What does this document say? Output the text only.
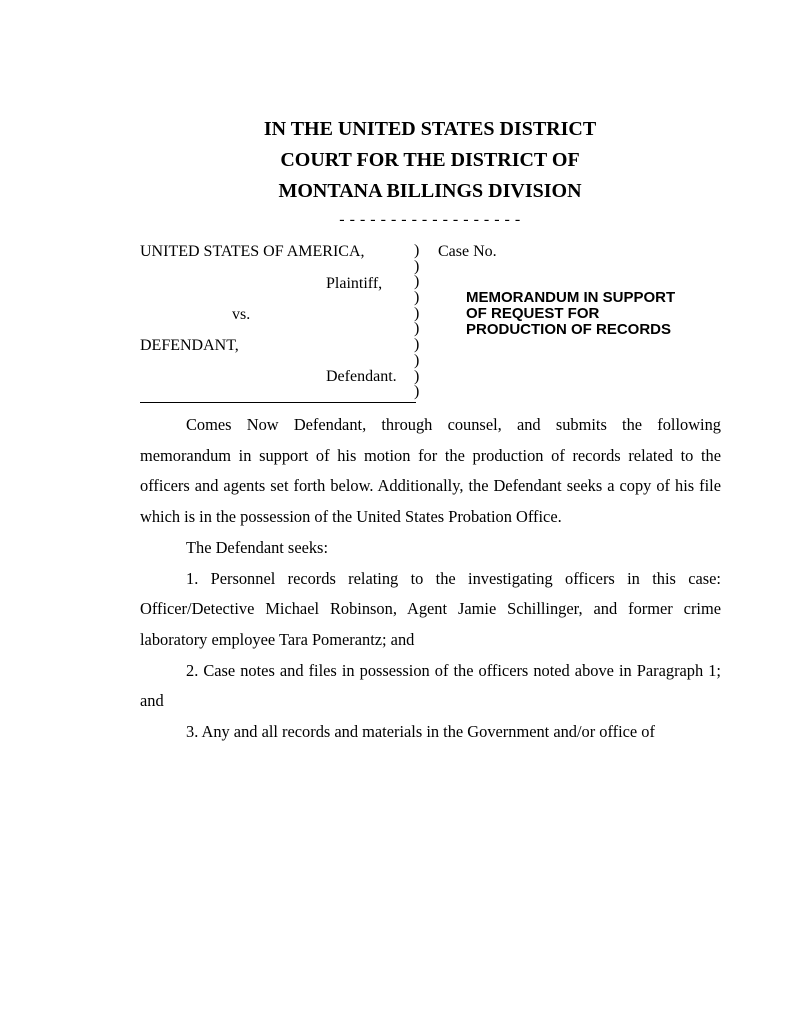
IN THE UNITED STATES DISTRICT
COURT FOR THE DISTRICT OF
MONTANA BILLINGS DIVISION
- - - - - - - - - - - - - - - - - -
UNITED STATES OF AMERICA,
Plaintiff,
vs.
DEFENDANT,
Defendant.
)
)
)
)
)
)
)
)
)
)
Case No.
MEMORANDUM IN SUPPORT
OF REQUEST FOR
PRODUCTION OF RECORDS

Comes Now Defendant, through counsel, and submits the following memorandum in support of his motion for the production of records related to the officers and agents set forth below. Additionally, the Defendant seeks a copy of his file which is in the possession of the United States Probation Office.

The Defendant seeks:

1. Personnel records relating to the investigating officers in this case: Officer/Detective Michael Robinson, Agent Jamie Schillinger, and former crime laboratory employee Tara Pomerantz; and

2. Case notes and files in possession of the officers noted above in Paragraph 1; and

3. Any and all records and materials in the Government and/or office of
